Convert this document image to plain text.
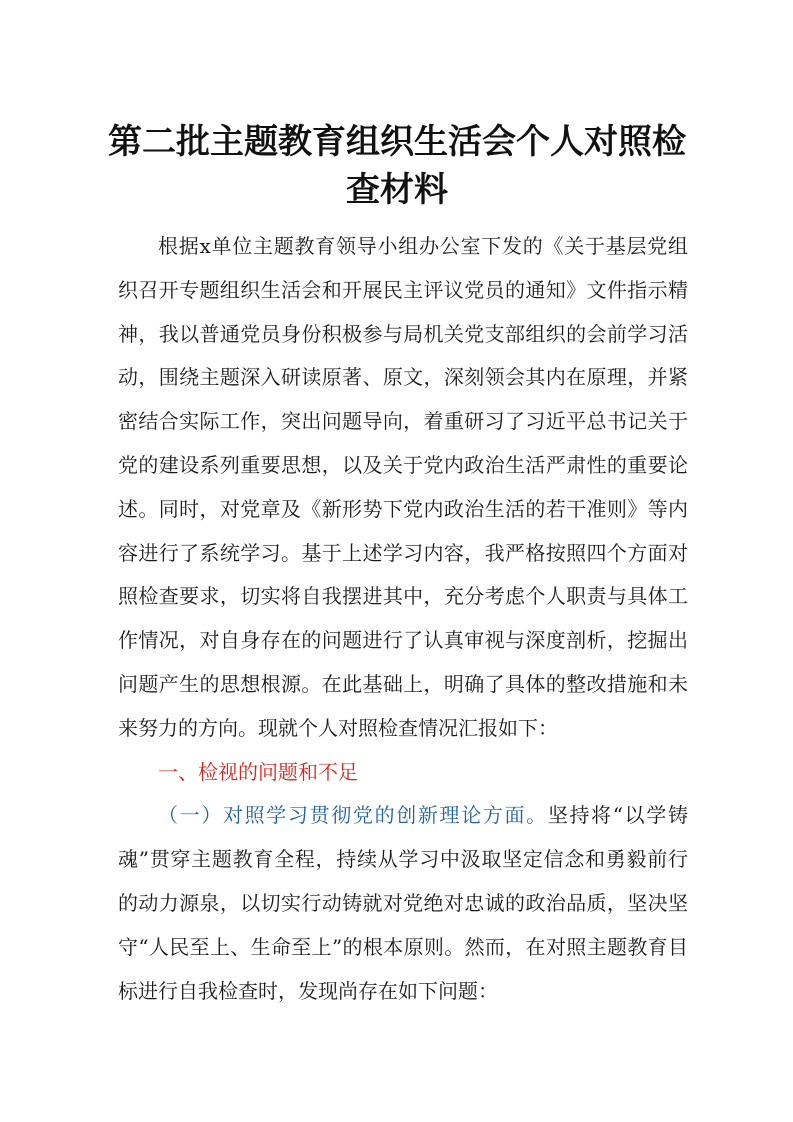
第二批主题教育组织生活会个人对照检查材料

根据x单位主题教育领导小组办公室下发的《关于基层党组织召开专题组织生活会和开展民主评议党员的通知》文件指示精神，我以普通党员身份积极参与局机关党支部组织的会前学习活动，围绕主题深入研读原著、原文，深刻领会其内在原理，并紧密结合实际工作，突出问题导向，着重研习了习近平总书记关于党的建设系列重要思想，以及关于党内政治生活严肃性的重要论述。同时，对党章及《新形势下党内政治生活的若干准则》等内容进行了系统学习。基于上述学习内容，我严格按照四个方面对照检查要求，切实将自我摆进其中，充分考虑个人职责与具体工作情况，对自身存在的问题进行了认真审视与深度剖析，挖掘出问题产生的思想根源。在此基础上，明确了具体的整改措施和未来努力的方向。现就个人对照检查情况汇报如下：

一、检视的问题和不足

（一）对照学习贯彻党的创新理论方面。坚持将“以学铸魂”贯穿主题教育全程，持续从学习中汲取坚定信念和勇毅前行的动力源泉，以切实行动铸就对党绝对忠诚的政治品质，坚决坚守“人民至上、生命至上”的根本原则。然而，在对照主题教育目标进行自我检查时，发现尚存在如下问题：
